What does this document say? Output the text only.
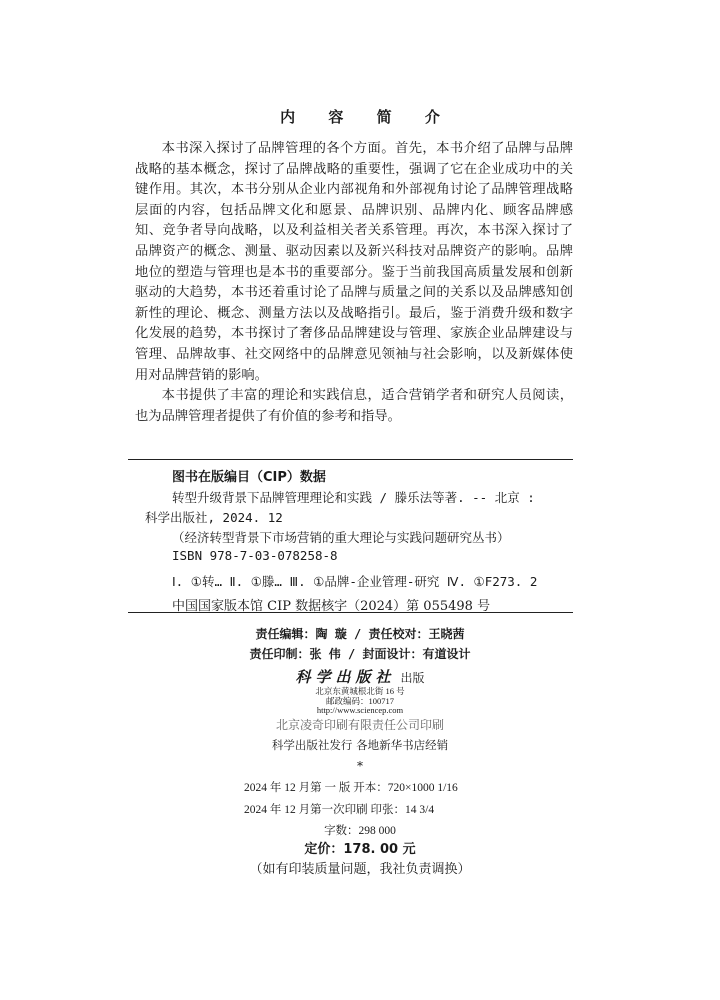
内 容 简 介

本书深入探讨了品牌管理的各个方面。首先，本书介绍了品牌与品牌战略的基本概念，探讨了品牌战略的重要性，强调了它在企业成功中的关键作用。其次，本书分别从企业内部视角和外部视角讨论了品牌管理战略层面的内容，包括品牌文化和愿景、品牌识别、品牌内化、顾客品牌感知、竞争者导向战略，以及利益相关者关系管理。再次，本书深入探讨了品牌资产的概念、测量、驱动因素以及新兴科技对品牌资产的影响。品牌地位的塑造与管理也是本书的重要部分。鉴于当前我国高质量发展和创新驱动的大趋势，本书还着重讨论了品牌与质量之间的关系以及品牌感知创新性的理论、概念、测量方法以及战略指引。最后，鉴于消费升级和数字化发展的趋势，本书探讨了奢侈品品牌建设与管理、家族企业品牌建设与管理、品牌故事、社交网络中的品牌意见领袖与社会影响，以及新媒体使用对品牌营销的影响。

本书提供了丰富的理论和实践信息，适合营销学者和研究人员阅读，也为品牌管理者提供了有价值的参考和指导。

图书在版编目（CIP）数据
转型升级背景下品牌管理理论和实践 / 滕乐法等著. -- 北京 :
科学出版社, 2024. 12
（经济转型背景下市场营销的重大理论与实践问题研究丛书）
ISBN 978-7-03-078258-8
Ⅰ. ①转… Ⅱ. ①滕… Ⅲ. ①品牌-企业管理-研究 Ⅳ. ①F273. 2
中国国家版本馆 CIP 数据核字（2024）第 055498 号
责任编辑：陶 璇 / 责任校对：王晓茜
责任印制：张 伟 / 封面设计：有道设计
科学出版社 出版
北京东黄城根北街 16 号
邮政编码：100717
http://www.sciencep.com
北京凌奇印刷有限责任公司印刷
科学出版社发行 各地新华书店经销
*
2024 年 12 月第 一 版 开本：720×1000 1/16
2024 年 12 月第一次印刷 印张：14 3/4
字数：298 000
定价：178. 00 元
（如有印装质量问题，我社负责调换）
